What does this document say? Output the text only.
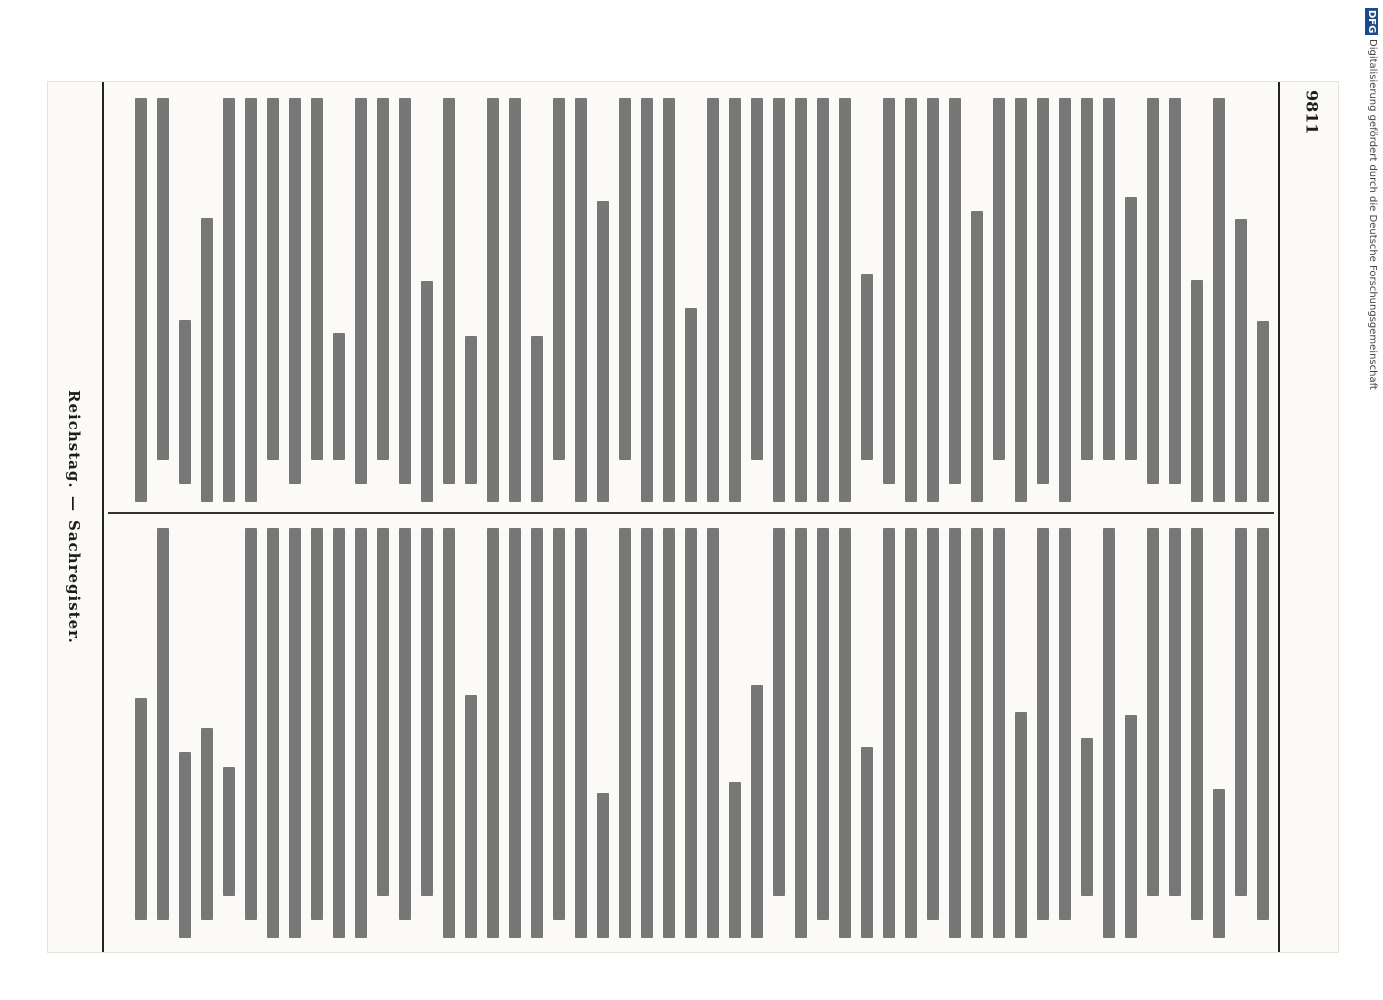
Reichstag.
—
Sachregister.
9811
DFG
Digitalisierung gefördert durch die Deutsche Forschungsgemeinschaft
